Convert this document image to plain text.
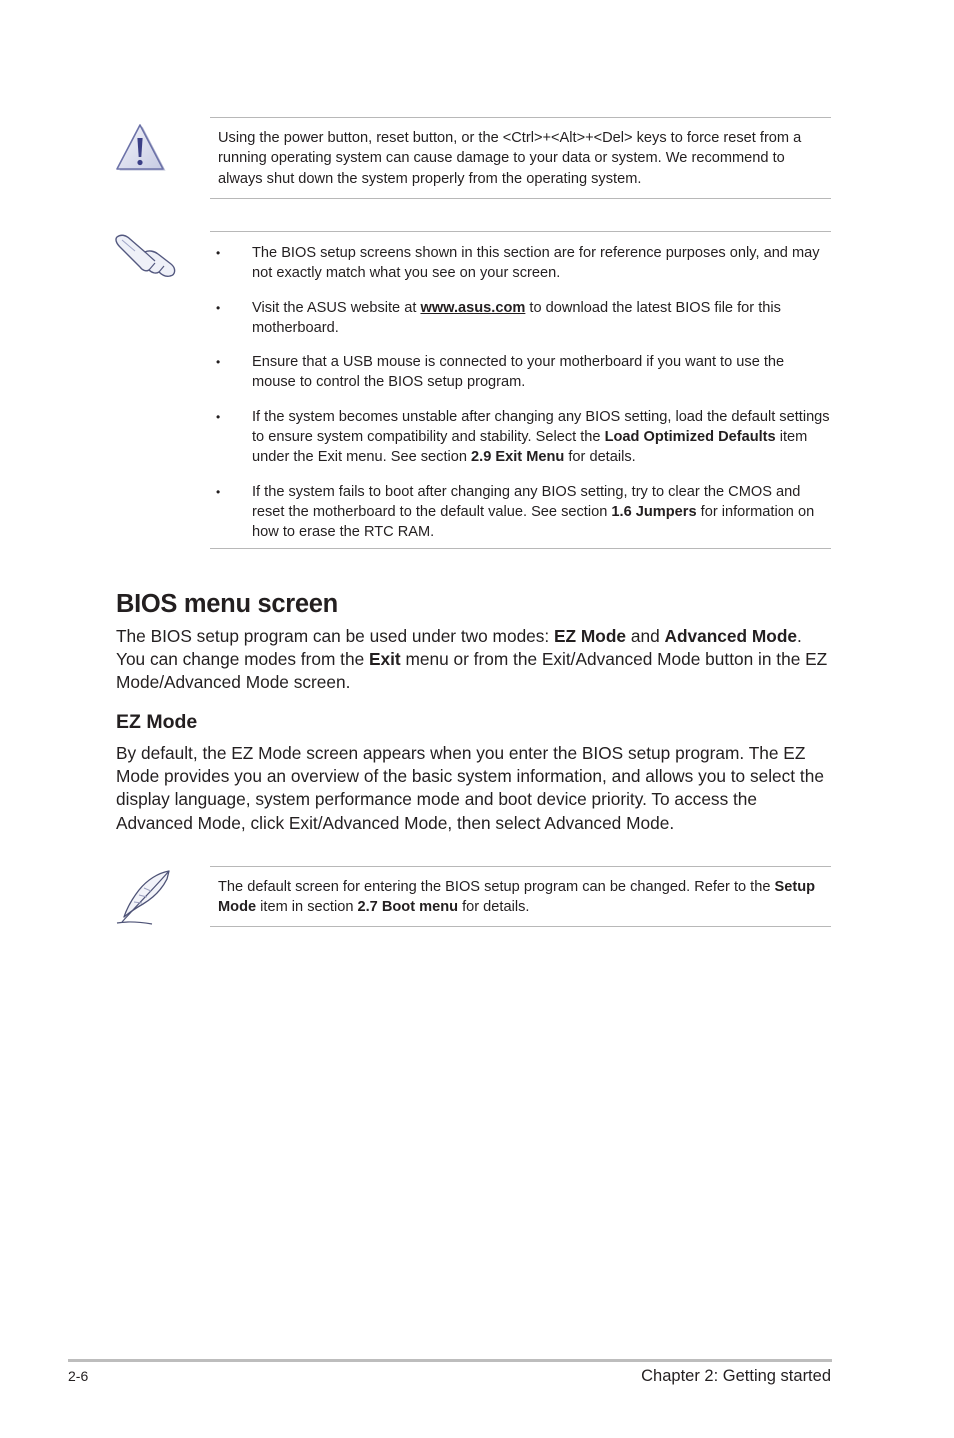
Using the power button, reset button, or the <Ctrl>+<Alt>+<Del> keys to force reset from a running operating system can cause damage to your data or system. We recommend to always shut down the system properly from the operating system.

• The BIOS setup screens shown in this section are for reference purposes only, and may not exactly match what you see on your screen.
• Visit the ASUS website at www.asus.com to download the latest BIOS file for this motherboard.
• Ensure that a USB mouse is connected to your motherboard if you want to use the mouse to control the BIOS setup program.
• If the system becomes unstable after changing any BIOS setting, load the default settings to ensure system compatibility and stability. Select the Load Optimized Defaults item under the Exit menu. See section 2.9 Exit Menu for details.
• If the system fails to boot after changing any BIOS setting, try to clear the CMOS and reset the motherboard to the default value. See section 1.6 Jumpers for information on how to erase the RTC RAM.
BIOS menu screen

The BIOS setup program can be used under two modes: EZ Mode and Advanced Mode. You can change modes from the Exit menu or from the Exit/Advanced Mode button in the EZ Mode/Advanced Mode screen.

EZ Mode

By default, the EZ Mode screen appears when you enter the BIOS setup program. The EZ Mode provides you an overview of the basic system information, and allows you to select the display language, system performance mode and boot device priority. To access the Advanced Mode, click Exit/Advanced Mode, then select Advanced Mode.

The default screen for entering the BIOS setup program can be changed. Refer to the Setup Mode item in section 2.7 Boot menu for details.

2-6	Chapter 2: Getting started
